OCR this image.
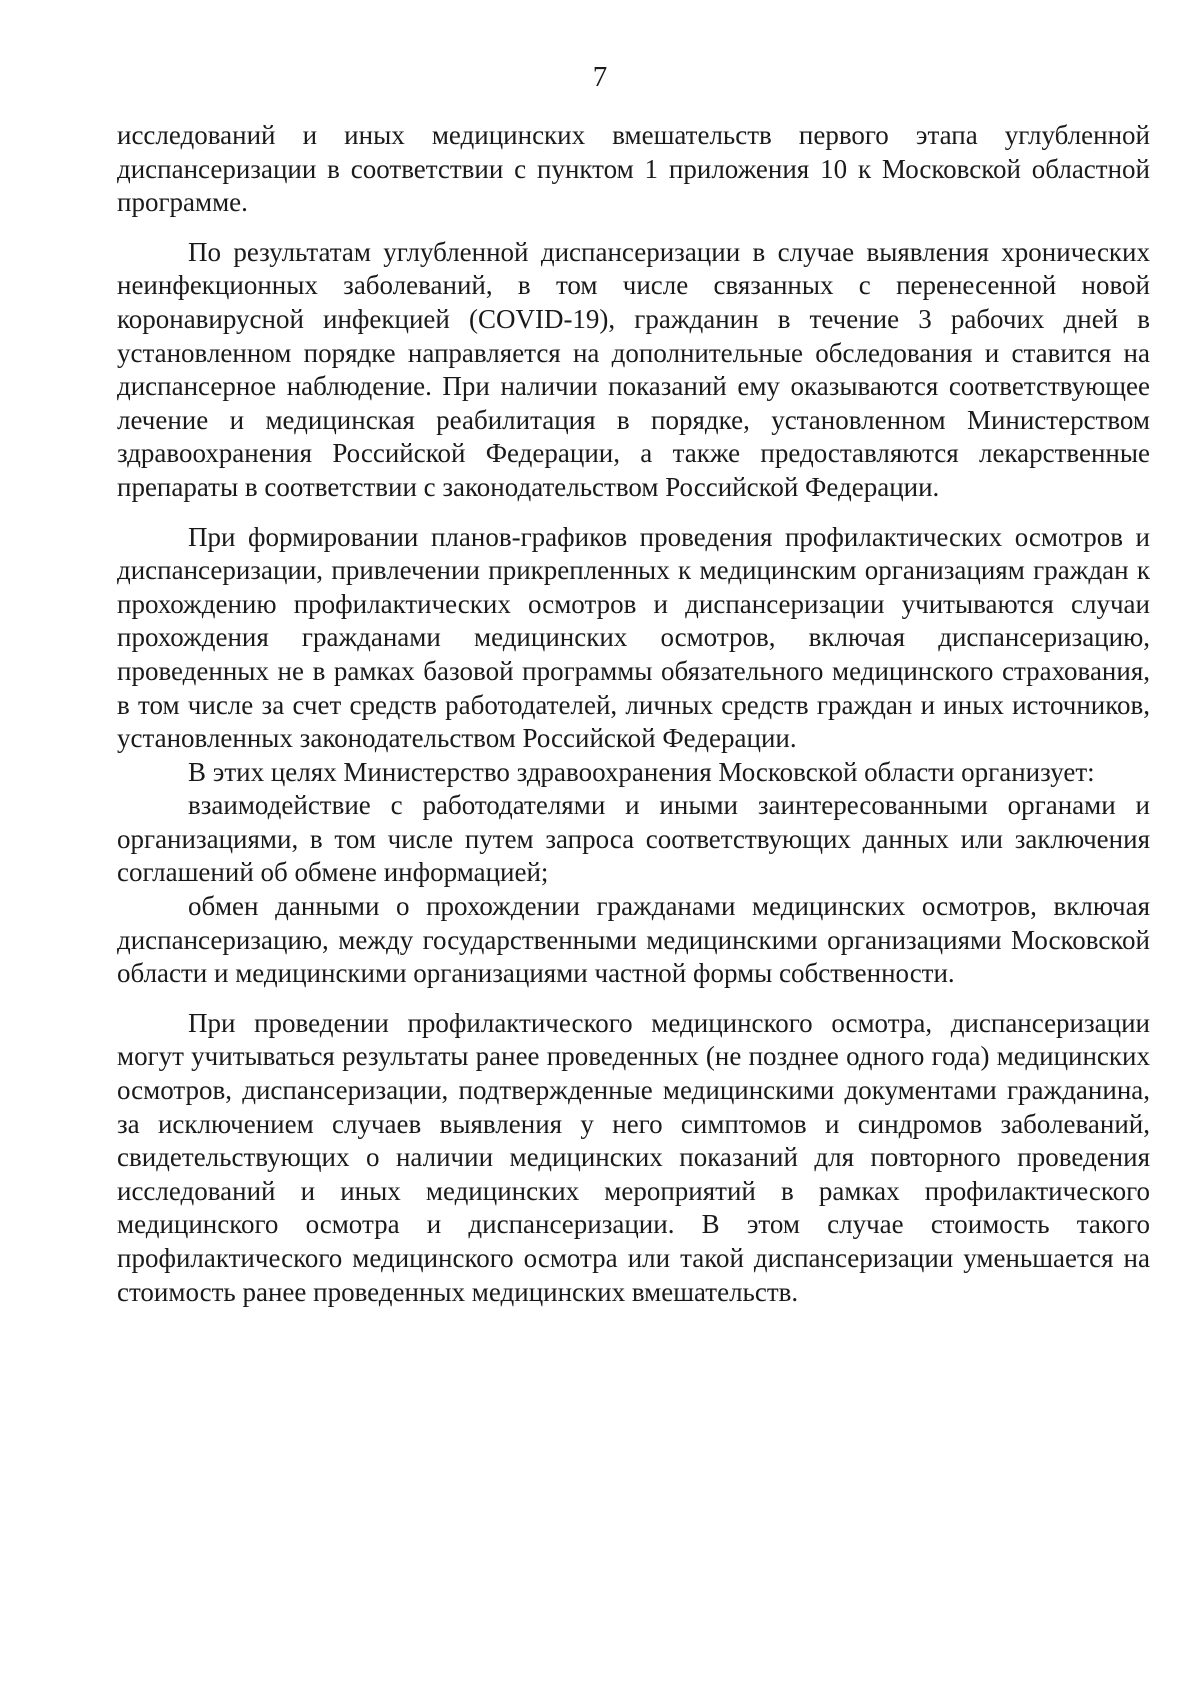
7

исследований и иных медицинских вмешательств первого этапа углубленной диспансеризации в соответствии с пунктом 1 приложения 10 к Московской областной программе.

По результатам углубленной диспансеризации в случае выявления хронических неинфекционных заболеваний, в том числе связанных с перенесенной новой коронавирусной инфекцией (COVID-19), гражданин в течение 3 рабочих дней в установленном порядке направляется на дополнительные обследования и ставится на диспансерное наблюдение. При наличии показаний ему оказываются соответствующее лечение и медицинская реабилитация в порядке, установленном Министерством здравоохранения Российской Федерации, а также предоставляются лекарственные препараты в соответствии с законодательством Российской Федерации.

При формировании планов-графиков проведения профилактических осмотров и диспансеризации, привлечении прикрепленных к медицинским организациям граждан к прохождению профилактических осмотров и диспансеризации учитываются случаи прохождения гражданами медицинских осмотров, включая диспансеризацию, проведенных не в рамках базовой программы обязательного медицинского страхования, в том числе за счет средств работодателей, личных средств граждан и иных источников, установленных законодательством Российской Федерации.

В этих целях Министерство здравоохранения Московской области организует:

взаимодействие с работодателями и иными заинтересованными органами и организациями, в том числе путем запроса соответствующих данных или заключения соглашений об обмене информацией;

обмен данными о прохождении гражданами медицинских осмотров, включая диспансеризацию, между государственными медицинскими организациями Московской области и медицинскими организациями частной формы собственности.

При проведении профилактического медицинского осмотра, диспансеризации могут учитываться результаты ранее проведенных (не позднее одного года) медицинских осмотров, диспансеризации, подтвержденные медицинскими документами гражданина, за исключением случаев выявления у него симптомов и синдромов заболеваний, свидетельствующих о наличии медицинских показаний для повторного проведения исследований и иных медицинских мероприятий в рамках профилактического медицинского осмотра и диспансеризации. В этом случае стоимость такого профилактического медицинского осмотра или такой диспансеризации уменьшается на стоимость ранее проведенных медицинских вмешательств.
